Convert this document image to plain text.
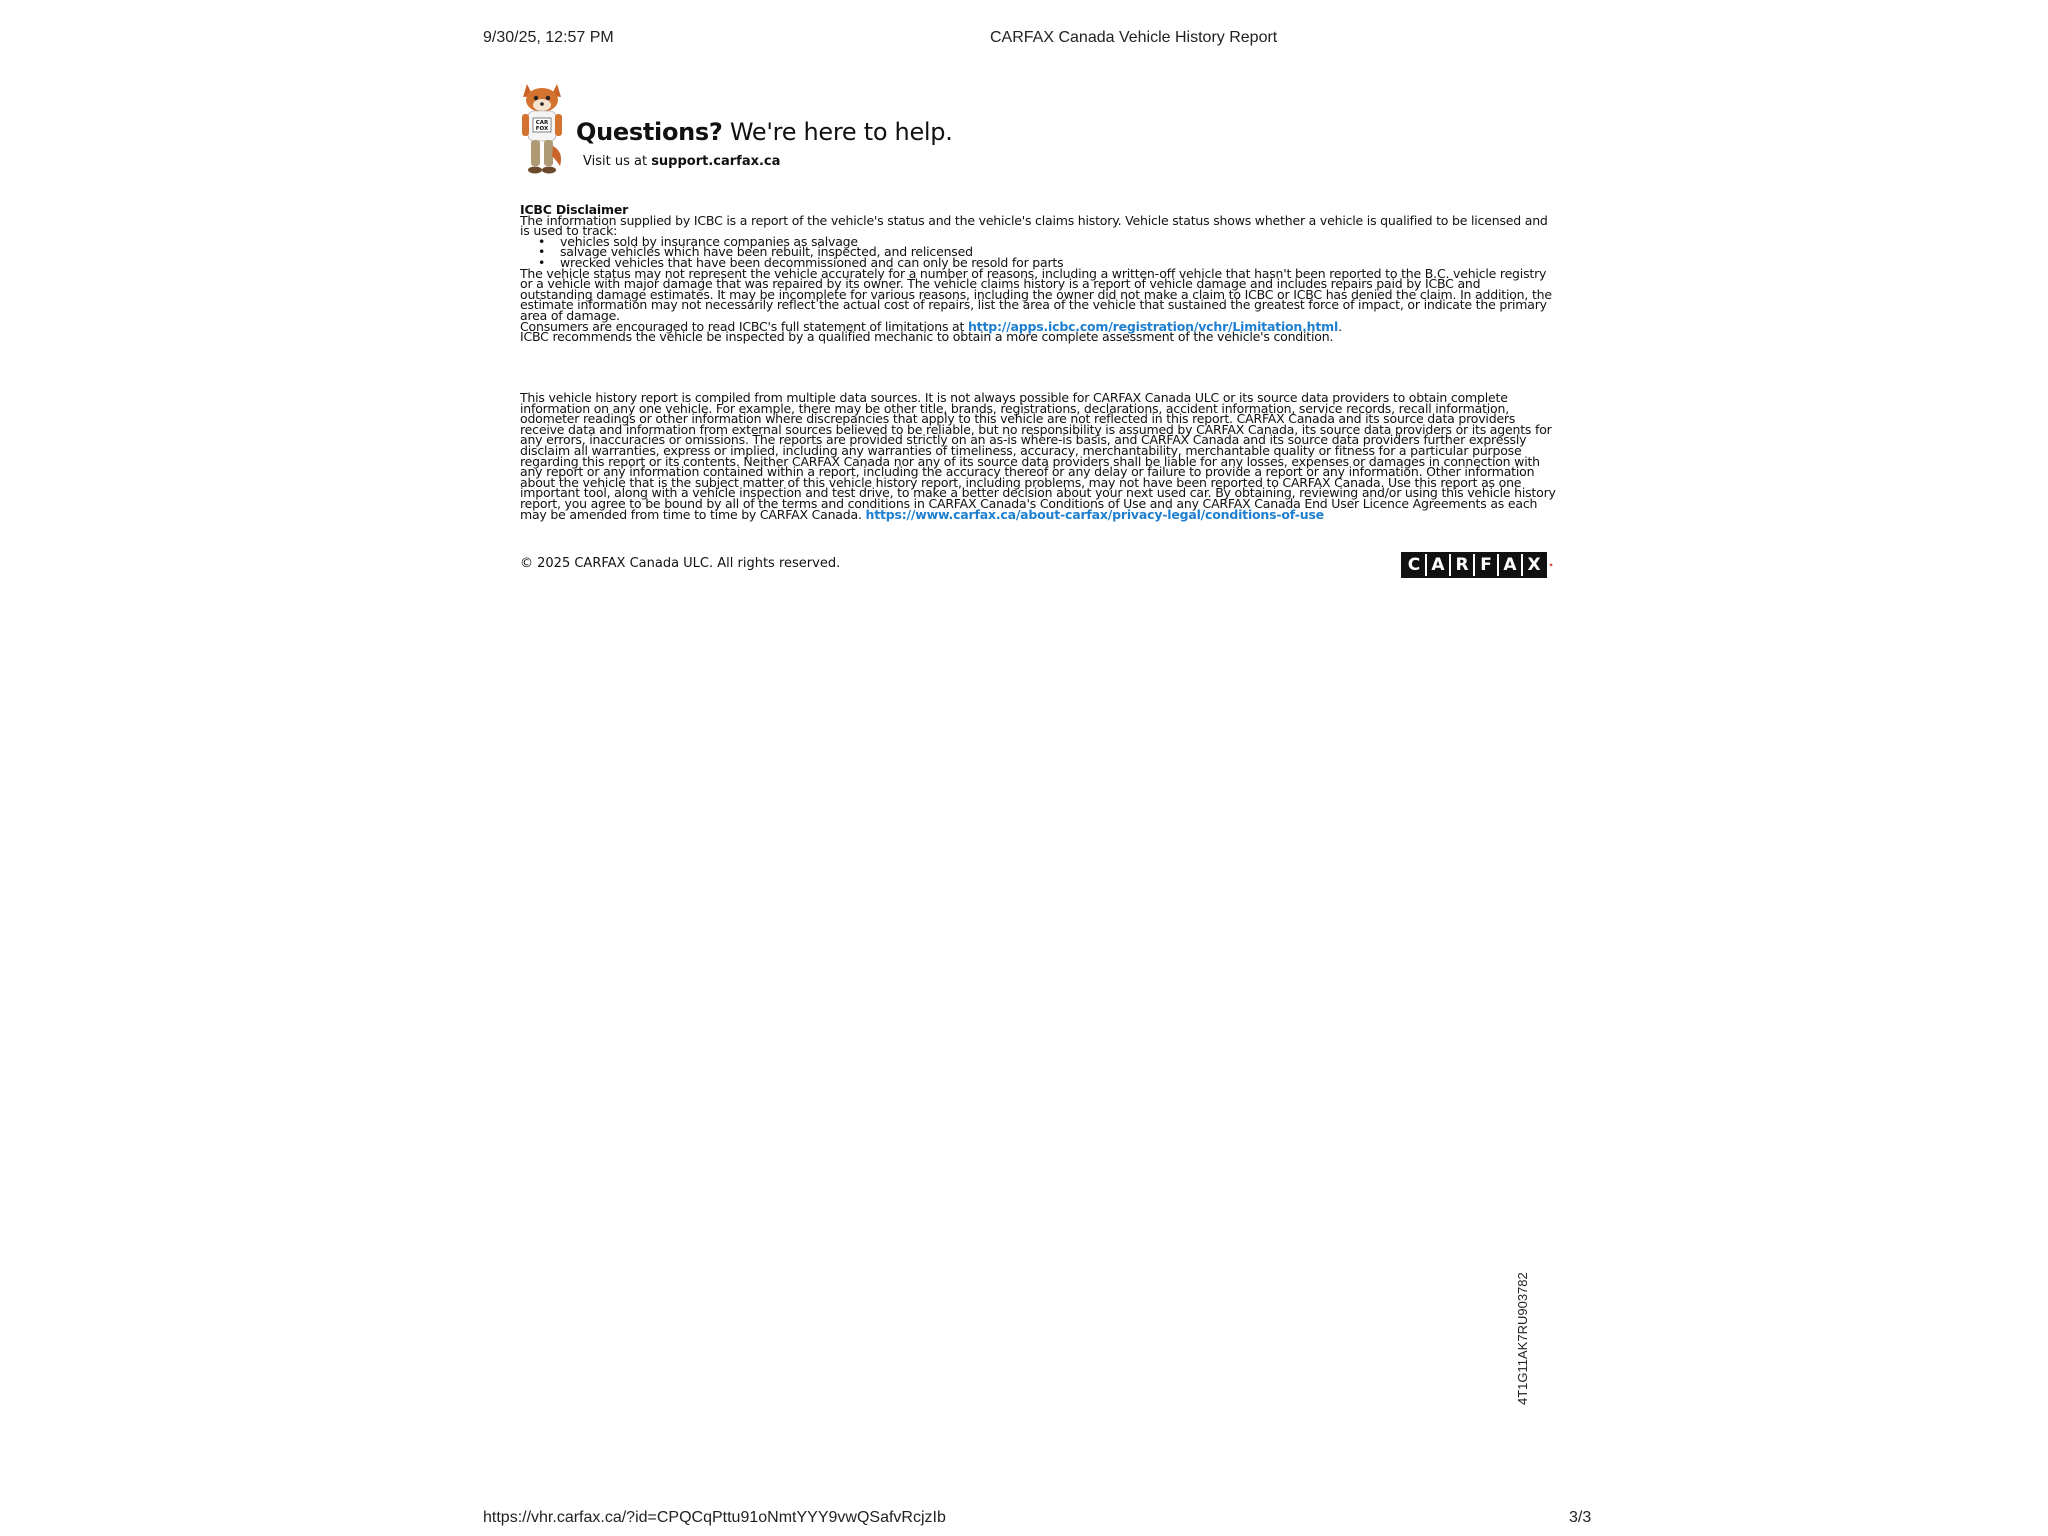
9/30/25, 12:57 PM	CARFAX Canada Vehicle History Report
CAR
FOX Questions? We're here to help.
Visit us at support.carfax.ca
ICBC Disclaimer

The information supplied by ICBC is a report of the vehicle's status and the vehicle's claims history. Vehicle status shows whether a vehicle is qualified to be licensed and is used to track:

• vehicles sold by insurance companies as salvage
• salvage vehicles which have been rebuilt, inspected, and relicensed
• wrecked vehicles that have been decommissioned and can only be resold for parts

The vehicle status may not represent the vehicle accurately for a number of reasons, including a written-off vehicle that hasn't been reported to the B.C. vehicle registry or a vehicle with major damage that was repaired by its owner. The vehicle claims history is a report of vehicle damage and includes repairs paid by ICBC and outstanding damage estimates. It may be incomplete for various reasons, including the owner did not make a claim to ICBC or ICBC has denied the claim. In addition, the estimate information may not necessarily reflect the actual cost of repairs, list the area of the vehicle that sustained the greatest force of impact, or indicate the primary area of damage.

Consumers are encouraged to read ICBC's full statement of limitations at http://apps.icbc.com/registration/vchr/Limitation.html.

ICBC recommends the vehicle be inspected by a qualified mechanic to obtain a more complete assessment of the vehicle's condition.

This vehicle history report is compiled from multiple data sources. It is not always possible for CARFAX Canada ULC or its source data providers to obtain complete information on any one vehicle. For example, there may be other title, brands, registrations, declarations, accident information, service records, recall information, odometer readings or other information where discrepancies that apply to this vehicle are not reflected in this report. CARFAX Canada and its source data providers receive data and information from external sources believed to be reliable, but no responsibility is assumed by CARFAX Canada, its source data providers or its agents for any errors, inaccuracies or omissions. The reports are provided strictly on an as-is where-is basis, and CARFAX Canada and its source data providers further expressly disclaim all warranties, express or implied, including any warranties of timeliness, accuracy, merchantability, merchantable quality or fitness for a particular purpose regarding this report or its contents. Neither CARFAX Canada nor any of its source data providers shall be liable for any losses, expenses or damages in connection with any report or any information contained within a report, including the accuracy thereof or any delay or failure to provide a report or any information. Other information about the vehicle that is the subject matter of this vehicle history report, including problems, may not have been reported to CARFAX Canada. Use this report as one important tool, along with a vehicle inspection and test drive, to make a better decision about your next used car. By obtaining, reviewing and/or using this vehicle history report, you agree to be bound by all of the terms and conditions in CARFAX Canada's Conditions of Use and any CARFAX Canada End User Licence Agreements as each may be amended from time to time by CARFAX Canada. https://www.carfax.ca/about-carfax/privacy-legal/conditions-of-use

© 2025 CARFAX Canada ULC. All rights reserved.	C A R F A X
4T1G11AK7RU903782
https://vhr.carfax.ca/?id=CPQCqPttu91oNmtYYY9vwQSafvRcjzIb	3/3
